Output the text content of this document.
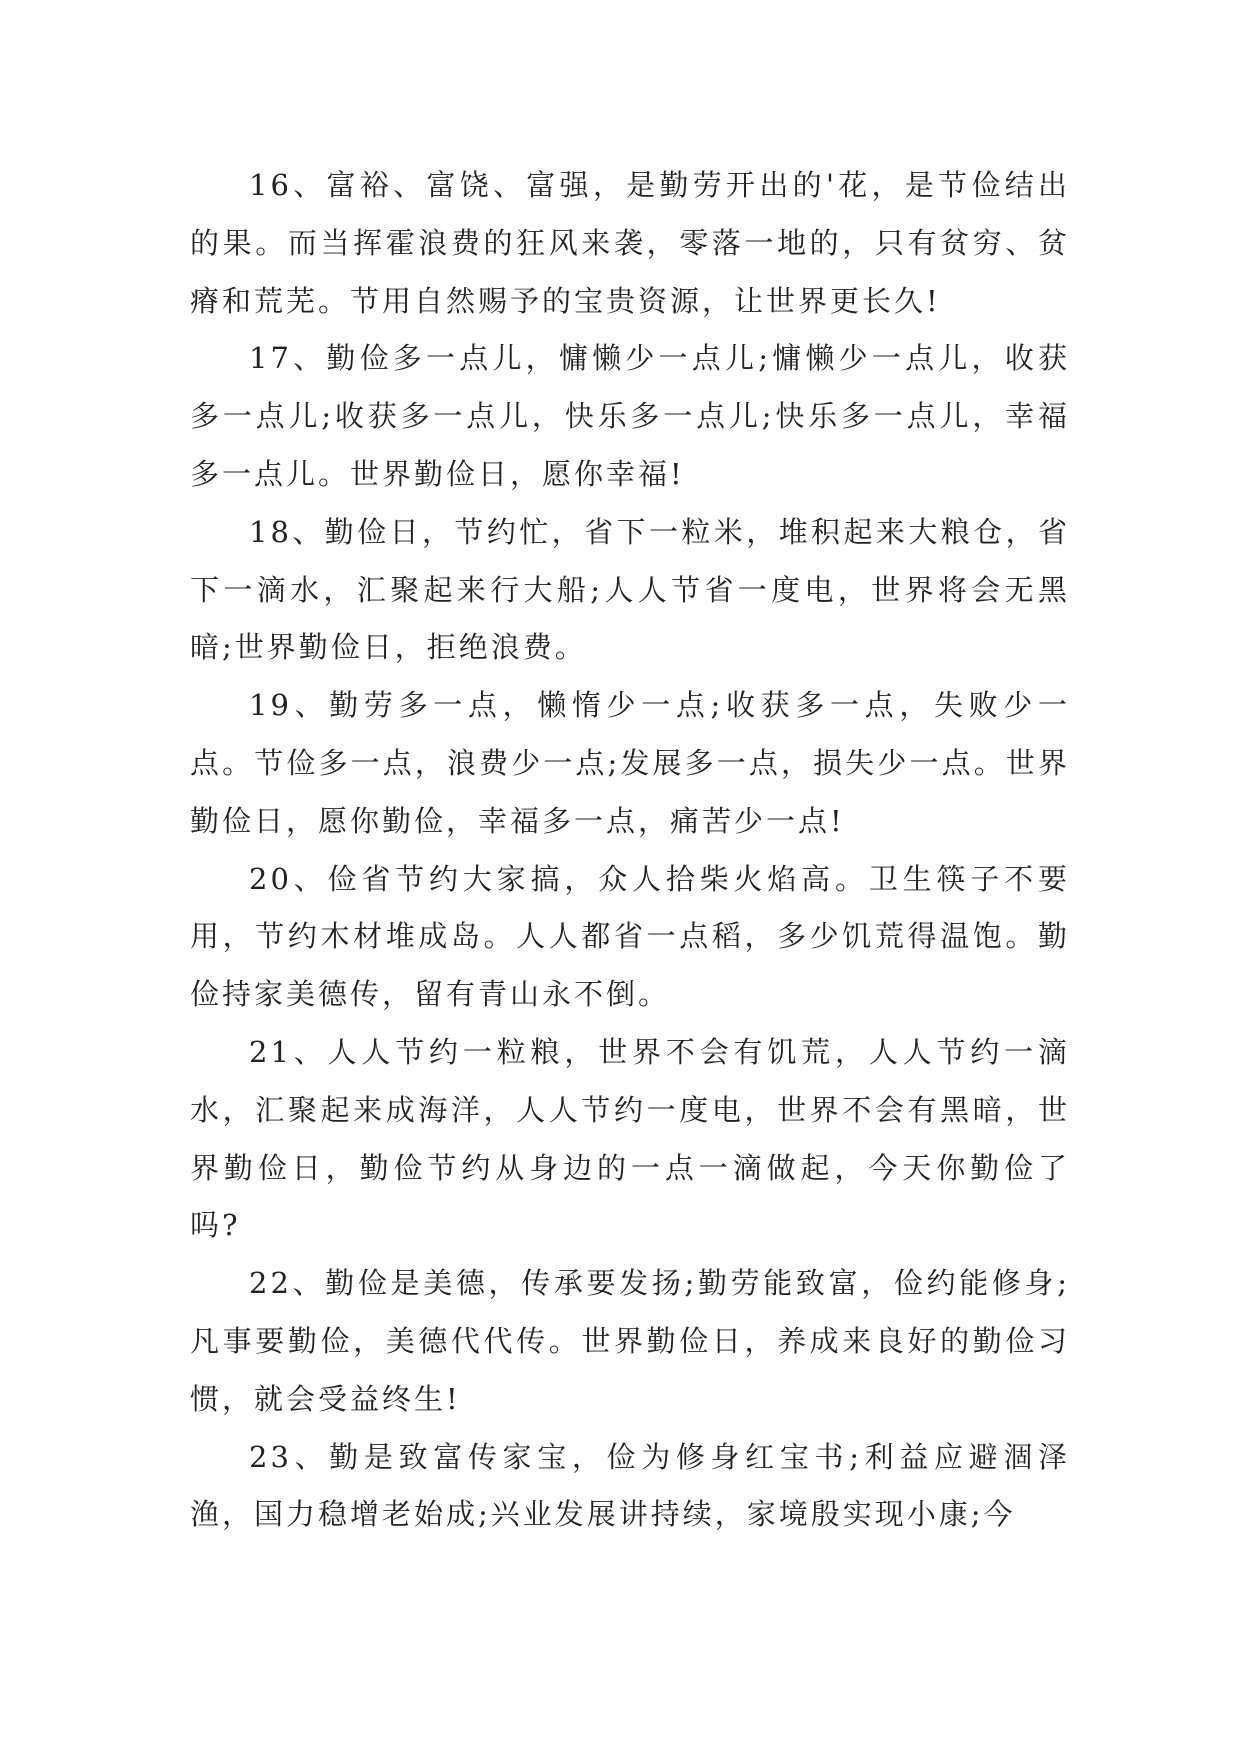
16、富裕、富饶、富强，是勤劳开出的'花，是节俭结出的果。而当挥霍浪费的狂风来袭，零落一地的，只有贫穷、贫瘠和荒芜。节用自然赐予的宝贵资源，让世界更长久!

17、勤俭多一点儿，慵懒少一点儿;慵懒少一点儿，收获多一点儿;收获多一点儿，快乐多一点儿;快乐多一点儿，幸福多一点儿。世界勤俭日，愿你幸福!

18、勤俭日，节约忙，省下一粒米，堆积起来大粮仓，省下一滴水，汇聚起来行大船;人人节省一度电，世界将会无黑暗;世界勤俭日，拒绝浪费。

19、勤劳多一点，懒惰少一点;收获多一点，失败少一点。节俭多一点，浪费少一点;发展多一点，损失少一点。世界勤俭日，愿你勤俭，幸福多一点，痛苦少一点!

20、俭省节约大家搞，众人拾柴火焰高。卫生筷子不要用，节约木材堆成岛。人人都省一点稻，多少饥荒得温饱。勤俭持家美德传，留有青山永不倒。

21、人人节约一粒粮，世界不会有饥荒，人人节约一滴水，汇聚起来成海洋，人人节约一度电，世界不会有黑暗，世界勤俭日，勤俭节约从身边的一点一滴做起，今天你勤俭了吗?

22、勤俭是美德，传承要发扬;勤劳能致富，俭约能修身;凡事要勤俭，美德代代传。世界勤俭日，养成来良好的勤俭习惯，就会受益终生!

23、勤是致富传家宝，俭为修身红宝书;利益应避涸泽渔，国力稳增老始成;兴业发展讲持续，家境殷实现小康;今
